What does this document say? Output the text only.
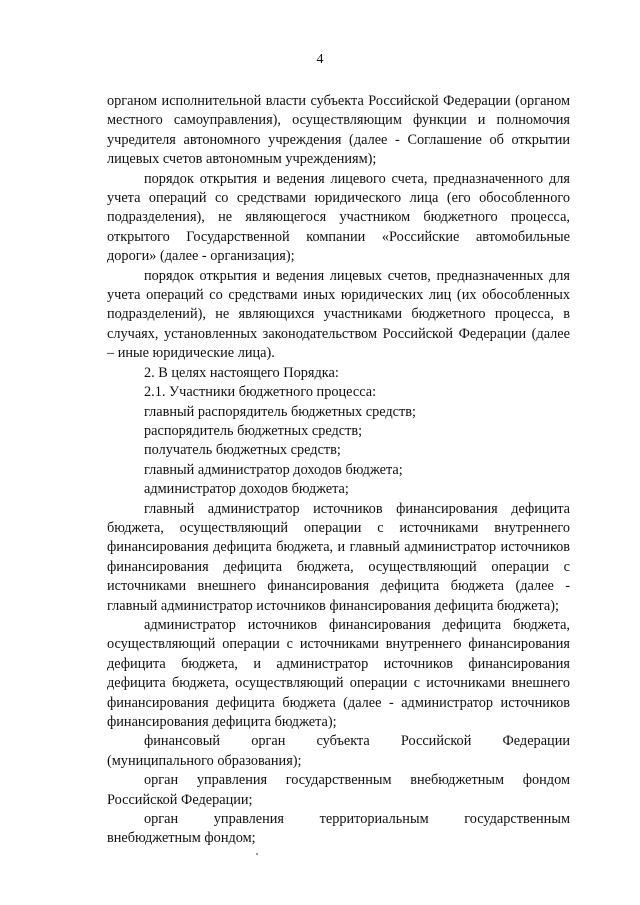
4

органом исполнительной власти субъекта Российской Федерации (органом местного самоуправления), осуществляющим функции и полномочия учредителя автономного учреждения (далее - Соглашение об открытии лицевых счетов автономным учреждениям);

порядок открытия и ведения лицевого счета, предназначенного для учета операций со средствами юридического лица (его обособленного подразделения), не являющегося участником бюджетного процесса, открытого Государственной компании «Российские автомобильные дороги» (далее - организация);

порядок открытия и ведения лицевых счетов, предназначенных для учета операций со средствами иных юридических лиц (их обособленных подразделений), не являющихся участниками бюджетного процесса, в случаях, установленных законодательством Российской Федерации (далее – иные юридические лица).

2. В целях настоящего Порядка:

2.1. Участники бюджетного процесса:

главный распорядитель бюджетных средств;

распорядитель бюджетных средств;

получатель бюджетных средств;

главный администратор доходов бюджета;

администратор доходов бюджета;

главный администратор источников финансирования дефицита бюджета, осуществляющий операции с источниками внутреннего финансирования дефицита бюджета, и главный администратор источников финансирования дефицита бюджета, осуществляющий операции с источниками внешнего финансирования дефицита бюджета (далее - главный администратор источников финансирования дефицита бюджета);

администратор источников финансирования дефицита бюджета, осуществляющий операции с источниками внутреннего финансирования дефицита бюджета, и администратор источников финансирования дефицита бюджета, осуществляющий операции с источниками внешнего финансирования дефицита бюджета (далее - администратор источников финансирования дефицита бюджета);

финансовый орган субъекта Российской Федерации (муниципального образования);

орган управления государственным внебюджетным фондом Российской Федерации;

орган управления территориальным государственным внебюджетным фондом;
